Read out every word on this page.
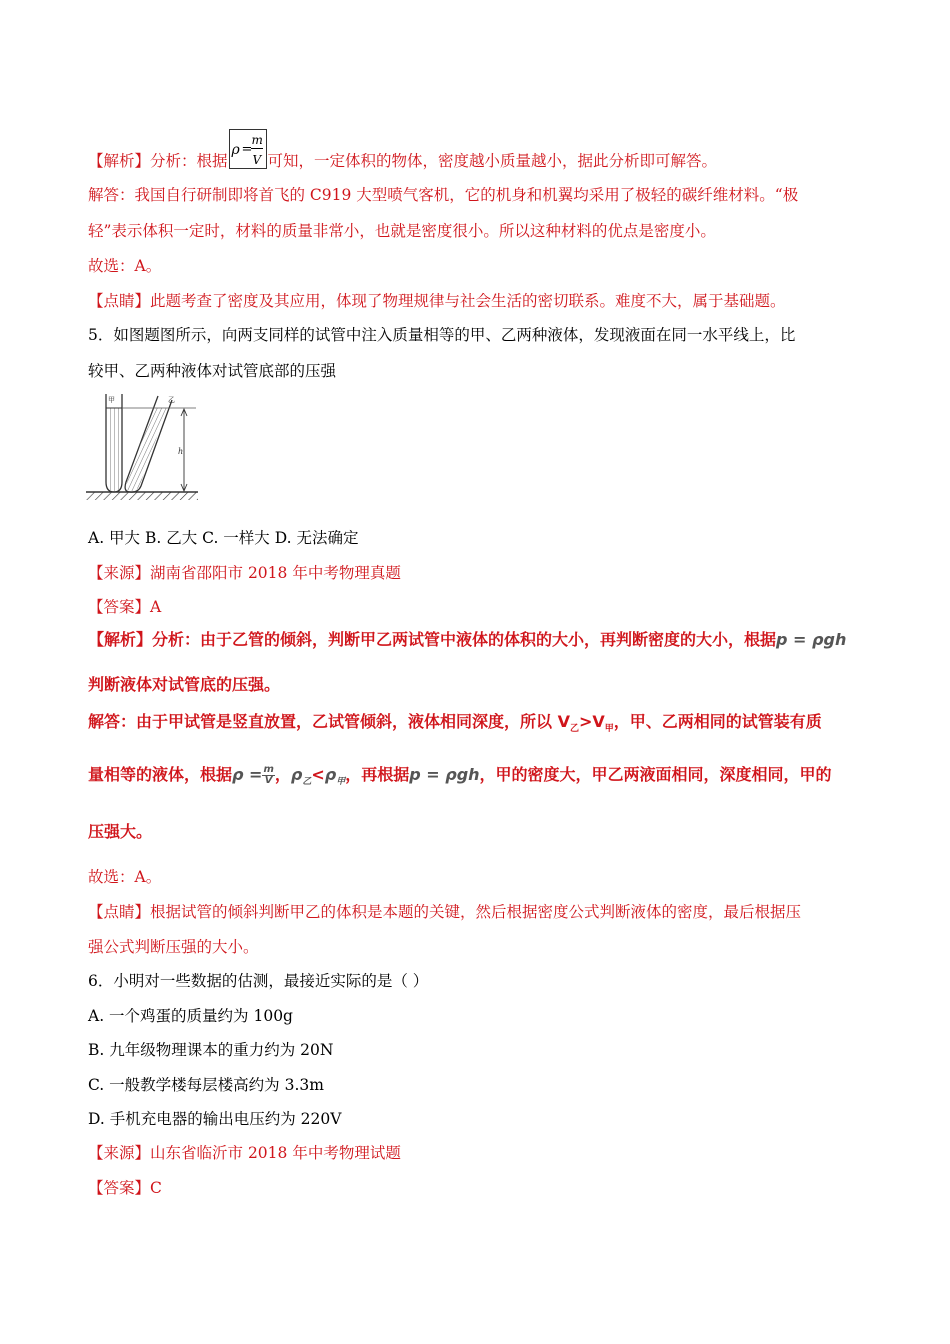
【解析】分析：根据
ρ =
m
V 可知，一定体积的物体，密度越小质量越小，据此分析即可解答。
解答：我国自行研制即将首飞的 C919 大型喷气客机，它的机身和机翼均采用了极轻的碳纤维材料。“极
轻”表示体积一定时，材料的质量非常小，也就是密度很小。所以这种材料的优点是密度小。
故选：A。
【点睛】此题考查了密度及其应用，体现了物理规律与社会生活的密切联系。难度不大，属于基础题。
5．如图题图所示，向两支同样的试管中注入质量相等的甲、乙两种液体，发现液面在同一水平线上，比
较甲、乙两种液体对试管底部的压强
甲	乙
h
A. 甲大 B. 乙大 C. 一样大 D. 无法确定
【来源】湖南省邵阳市 2018 年中考物理真题
【答案】A
【解析】分析：由于乙管的倾斜，判断甲乙两试管中液体的体积的大小，再判断密度的大小，根据p = ρgh
判断液体对试管底的压强。
解答：由于甲试管是竖直放置，乙试管倾斜，液体相同深度，所以 $V_乙>V_甲$，甲、乙两相同的试管装有质
量相等的液体，根据$\rho = \frac{m}{V}$ ，$\rho_乙<\rho_甲$，再根据p = ρgh，甲的密度大，甲乙两液面相同，深度相同，甲的
压强大。
故选：A。
【点睛】根据试管的倾斜判断甲乙的体积是本题的关键，然后根据密度公式判断液体的密度，最后根据压
强公式判断压强的大小。
6．小明对一些数据的估测，最接近实际的是（ ）
A. 一个鸡蛋的质量约为 100g
B. 九年级物理课本的重力约为 20N
C. 一般教学楼每层楼高约为 3.3m
D. 手机充电器的输出电压约为 220V
【来源】山东省临沂市 2018 年中考物理试题
【答案】C
